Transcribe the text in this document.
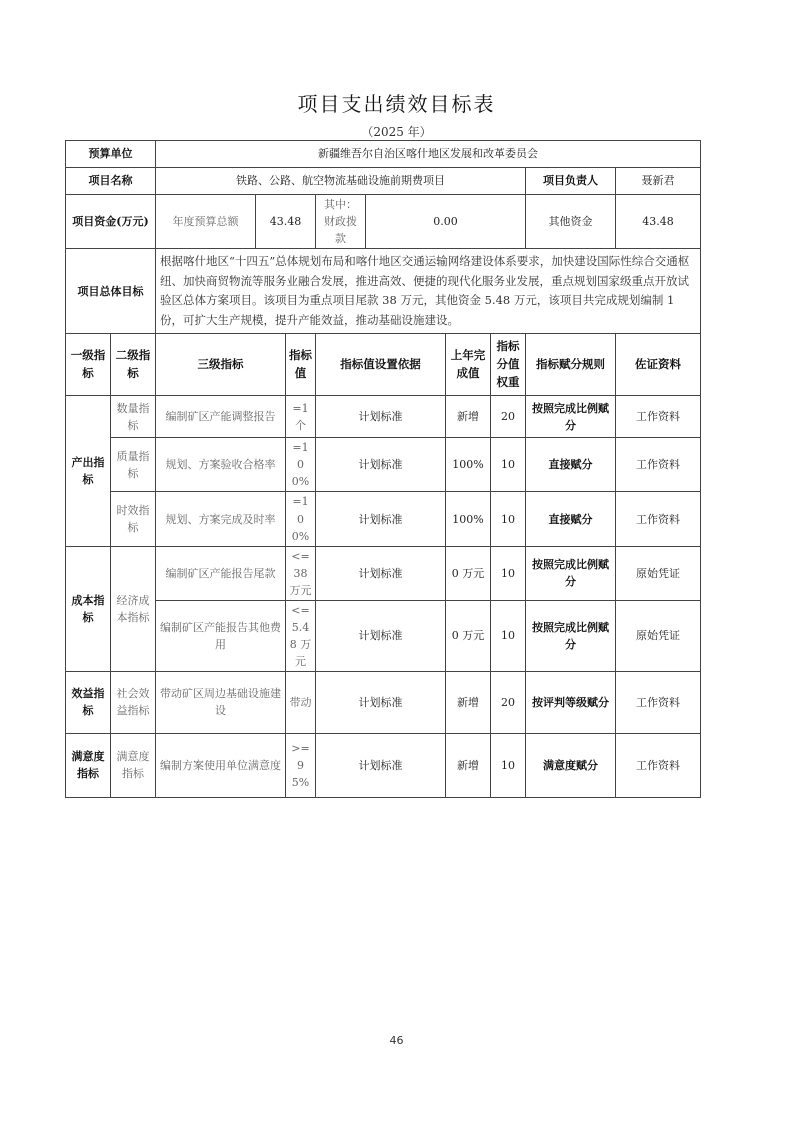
项目支出绩效目标表
（2025 年）
预算单位		新疆维吾尔自治区喀什地区发展和改革委员会								
项目名称		铁路、公路、航空物流基础设施前期费项目							项目负责人	聂新君
项目资金(万元)		年度预算总额	43.48		其中：财政拨款	0.00			其他资金	43.48
项目总体目标		根据喀什地区“十四五”总体规划布局和喀什地区交通运输网络建设体系要求，加快建设国际性综合交通枢纽、加快商贸物流等服务业融合发展，推进高效、便捷的现代化服务业发展，重点规划国家级重点开放试验区总体方案项目。该项目为重点项目尾款 38 万元，其他资金 5.48 万元，该项目共完成规划编制 1 份，可扩大生产规模，提升产能效益，推动基础设施建设。								
一级指标	二级指标	三级指标		指标值	指标值设置依据		上年完成值	指标分值权重	指标赋分规则	佐证资料
产出指标	数量指标	编制矿区产能调整报告		=1 个	计划标准		新增	20	按照完成比例赋分	工作资料
	质量指标	规划、方案验收合格率		=100%	计划标准		100%	10	直接赋分	工作资料
	时效指标	规划、方案完成及时率		=100%	计划标准		100%	10	直接赋分	工作资料
成本指标	经济成本指标	编制矿区产能报告尾款		<=38 万元	计划标准		0 万元	10	按照完成比例赋分	原始凭证
		编制矿区产能报告其他费用		<=5.48 万元	计划标准		0 万元	10	按照完成比例赋分	原始凭证
效益指标	社会效益指标	带动矿区周边基础设施建设		带动	计划标准		新增	20	按评判等级赋分	工作资料
满意度指标	满意度指标	编制方案使用单位满意度		>=95%	计划标准		新增	10	满意度赋分	工作资料
46
